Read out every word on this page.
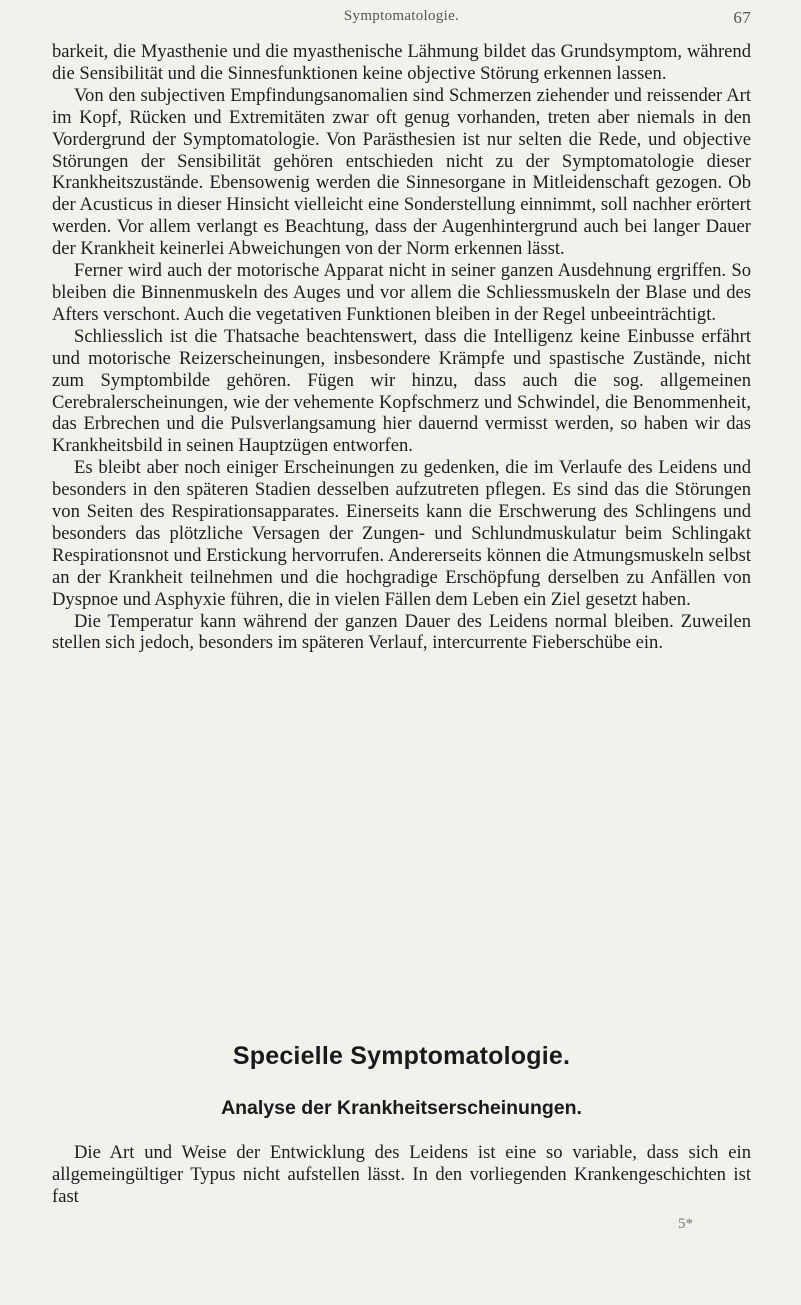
Symptomatologie.	67

barkeit, die Myasthenie und die myasthenische Lähmung bildet das Grundsymptom, während die Sensibilität und die Sinnesfunktionen keine objective Störung erkennen lassen.

Von den subjectiven Empfindungsanomalien sind Schmerzen ziehender und reissender Art im Kopf, Rücken und Extremitäten zwar oft genug vorhanden, treten aber niemals in den Vordergrund der Symptomatologie. Von Parästhesien ist nur selten die Rede, und objective Störungen der Sensibilität gehören entschieden nicht zu der Symptomatologie dieser Krankheitszustände. Ebensowenig werden die Sinnesorgane in Mitleidenschaft gezogen. Ob der Acusticus in dieser Hinsicht vielleicht eine Sonderstellung einnimmt, soll nachher erörtert werden. Vor allem verlangt es Beachtung, dass der Augenhintergrund auch bei langer Dauer der Krankheit keinerlei Abweichungen von der Norm erkennen lässt.

Ferner wird auch der motorische Apparat nicht in seiner ganzen Ausdehnung ergriffen. So bleiben die Binnenmuskeln des Auges und vor allem die Schliessmuskeln der Blase und des Afters verschont. Auch die vegetativen Funktionen bleiben in der Regel unbeeinträchtigt.

Schliesslich ist die Thatsache beachtenswert, dass die Intelligenz keine Einbusse erfährt und motorische Reizerscheinungen, insbesondere Krämpfe und spastische Zustände, nicht zum Symptombilde gehören. Fügen wir hinzu, dass auch die sog. allgemeinen Cerebralerscheinungen, wie der vehemente Kopfschmerz und Schwindel, die Benommenheit, das Erbrechen und die Pulsverlangsamung hier dauernd vermisst werden, so haben wir das Krankheitsbild in seinen Hauptzügen entworfen.

Es bleibt aber noch einiger Erscheinungen zu gedenken, die im Verlaufe des Leidens und besonders in den späteren Stadien desselben aufzutreten pflegen. Es sind das die Störungen von Seiten des Respirationsapparates. Einerseits kann die Erschwerung des Schlingens und besonders das plötzliche Versagen der Zungen- und Schlundmuskulatur beim Schlingakt Respirationsnot und Erstickung hervorrufen. Andererseits können die Atmungsmuskeln selbst an der Krankheit teilnehmen und die hochgradige Erschöpfung derselben zu Anfällen von Dyspnoe und Asphyxie führen, die in vielen Fällen dem Leben ein Ziel gesetzt haben.

Die Temperatur kann während der ganzen Dauer des Leidens normal bleiben. Zuweilen stellen sich jedoch, besonders im späteren Verlauf, intercurrente Fieberschübe ein.

Specielle Symptomatologie.
Analyse der Krankheitserscheinungen.

Die Art und Weise der Entwicklung des Leidens ist eine so variable, dass sich ein allgemeingültiger Typus nicht aufstellen lässt. In den vorliegenden Krankengeschichten ist fast

5*
